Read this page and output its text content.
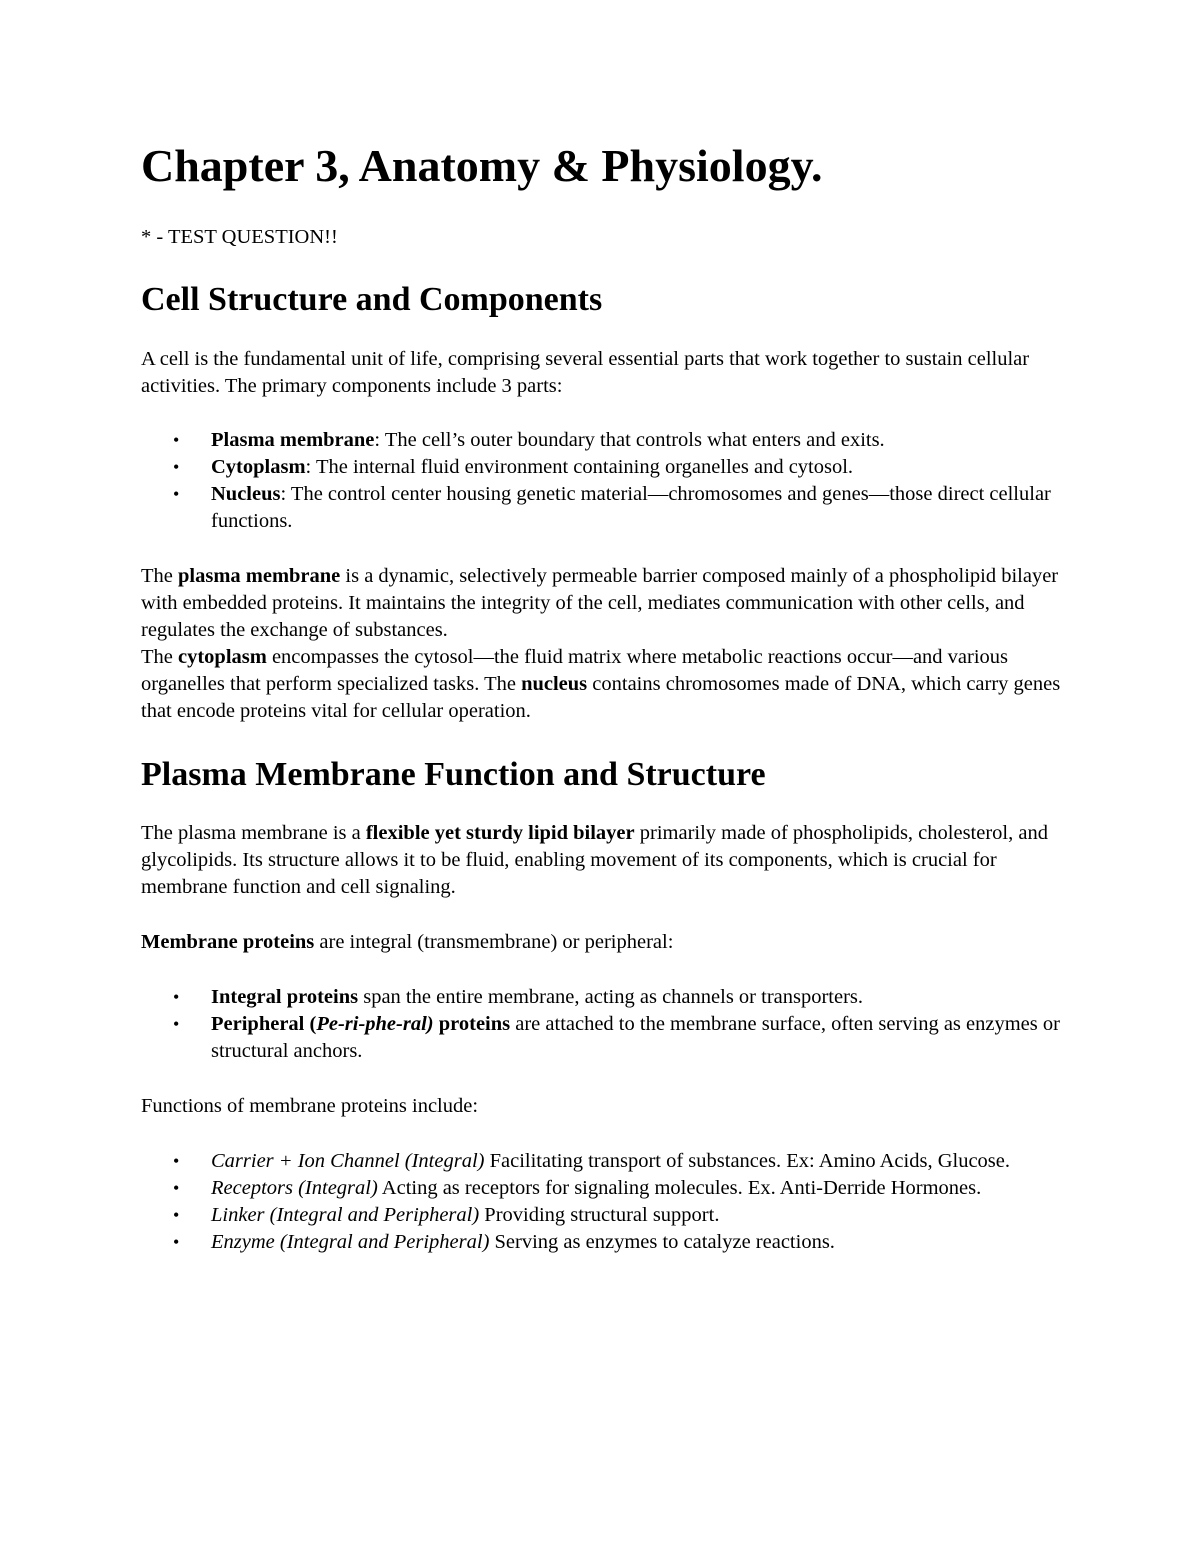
Chapter 3, Anatomy & Physiology.

* - TEST QUESTION!!

Cell Structure and Components

A cell is the fundamental unit of life, comprising several essential parts that work together to sustain cellular activities. The primary components include 3 parts:

• Plasma membrane: The cell’s outer boundary that controls what enters and exits.
• Cytoplasm: The internal fluid environment containing organelles and cytosol.
• Nucleus: The control center housing genetic material—chromosomes and genes—those direct cellular functions.

The plasma membrane is a dynamic, selectively permeable barrier composed mainly of a phospholipid bilayer with embedded proteins. It maintains the integrity of the cell, mediates communication with other cells, and regulates the exchange of substances.

The cytoplasm encompasses the cytosol—the fluid matrix where metabolic reactions occur—and various organelles that perform specialized tasks. The nucleus contains chromosomes made of DNA, which carry genes that encode proteins vital for cellular operation.

Plasma Membrane Function and Structure

The plasma membrane is a flexible yet sturdy lipid bilayer primarily made of phospholipids, cholesterol, and glycolipids. Its structure allows it to be fluid, enabling movement of its components, which is crucial for membrane function and cell signaling.

Membrane proteins are integral (transmembrane) or peripheral:

• Integral proteins span the entire membrane, acting as channels or transporters.
• Peripheral (Pe-ri-phe-ral) proteins are attached to the membrane surface, often serving as enzymes or structural anchors.

Functions of membrane proteins include:

• Carrier + Ion Channel (Integral) Facilitating transport of substances. Ex: Amino Acids, Glucose.
• Receptors (Integral) Acting as receptors for signaling molecules. Ex. Anti-Derride Hormones.
• Linker (Integral and Peripheral) Providing structural support.
• Enzyme (Integral and Peripheral) Serving as enzymes to catalyze reactions.
